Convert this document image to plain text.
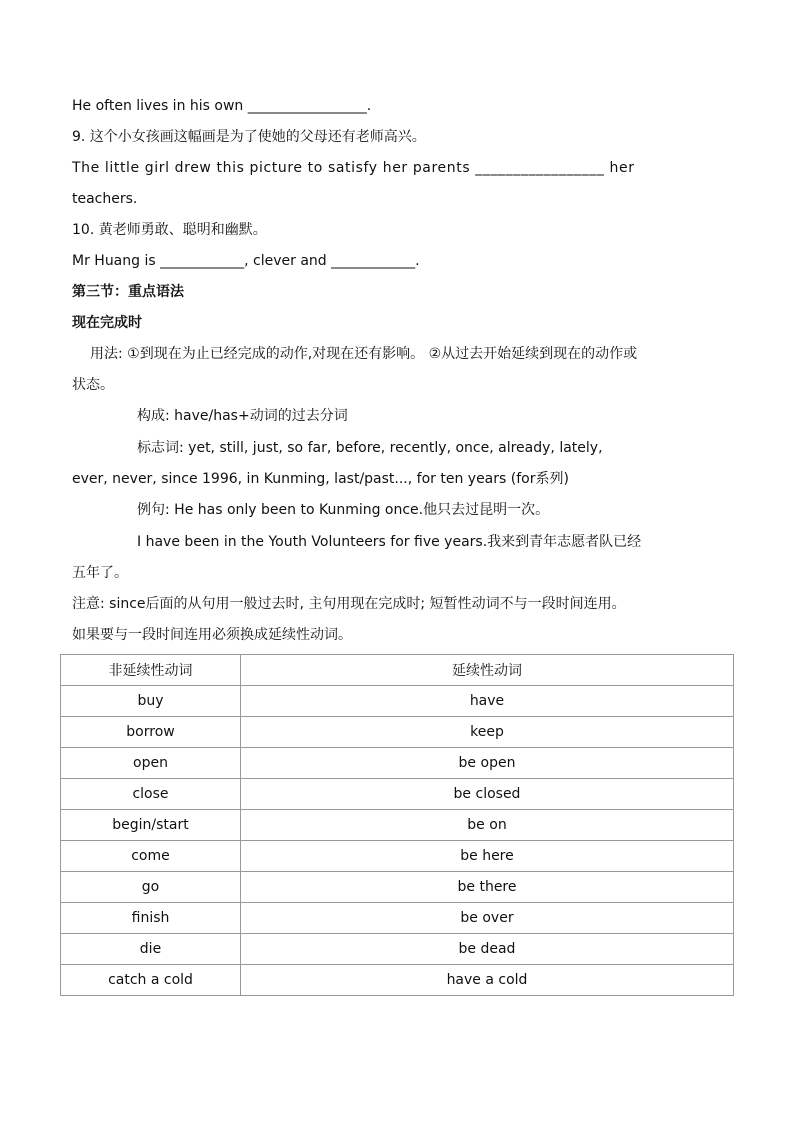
He often lives in his own _________________.
9. 这个小女孩画这幅画是为了使她的父母还有老师高兴。
The little girl drew this picture to satisfy her parents _________________ her
teachers.
10. 黄老师勇敢、聪明和幽默。
Mr Huang is ____________, clever and ____________.
第三节：重点语法
现在完成时
用法: ①到现在为止已经完成的动作,对现在还有影响。 ②从过去开始延续到现在的动作或
状态。
构成: have/has+动词的过去分词
标志词: yet, still, just, so far, before, recently, once, already, lately,
ever, never, since 1996, in Kunming, last/past..., for ten years (for系列)
例句: He has only been to Kunming once.他只去过昆明一次。
I have been in the Youth Volunteers for five years.我来到青年志愿者队已经
五年了。
注意: since后面的从句用一般过去时, 主句用现在完成时; 短暂性动词不与一段时间连用。
如果要与一段时间连用必须换成延续性动词。
非延续性动词	延续性动词
buy	have
borrow	keep
open	be open
close	be closed
begin/start	be on
come	be here
go	be there
finish	be over
die	be dead
catch a cold	have a cold
